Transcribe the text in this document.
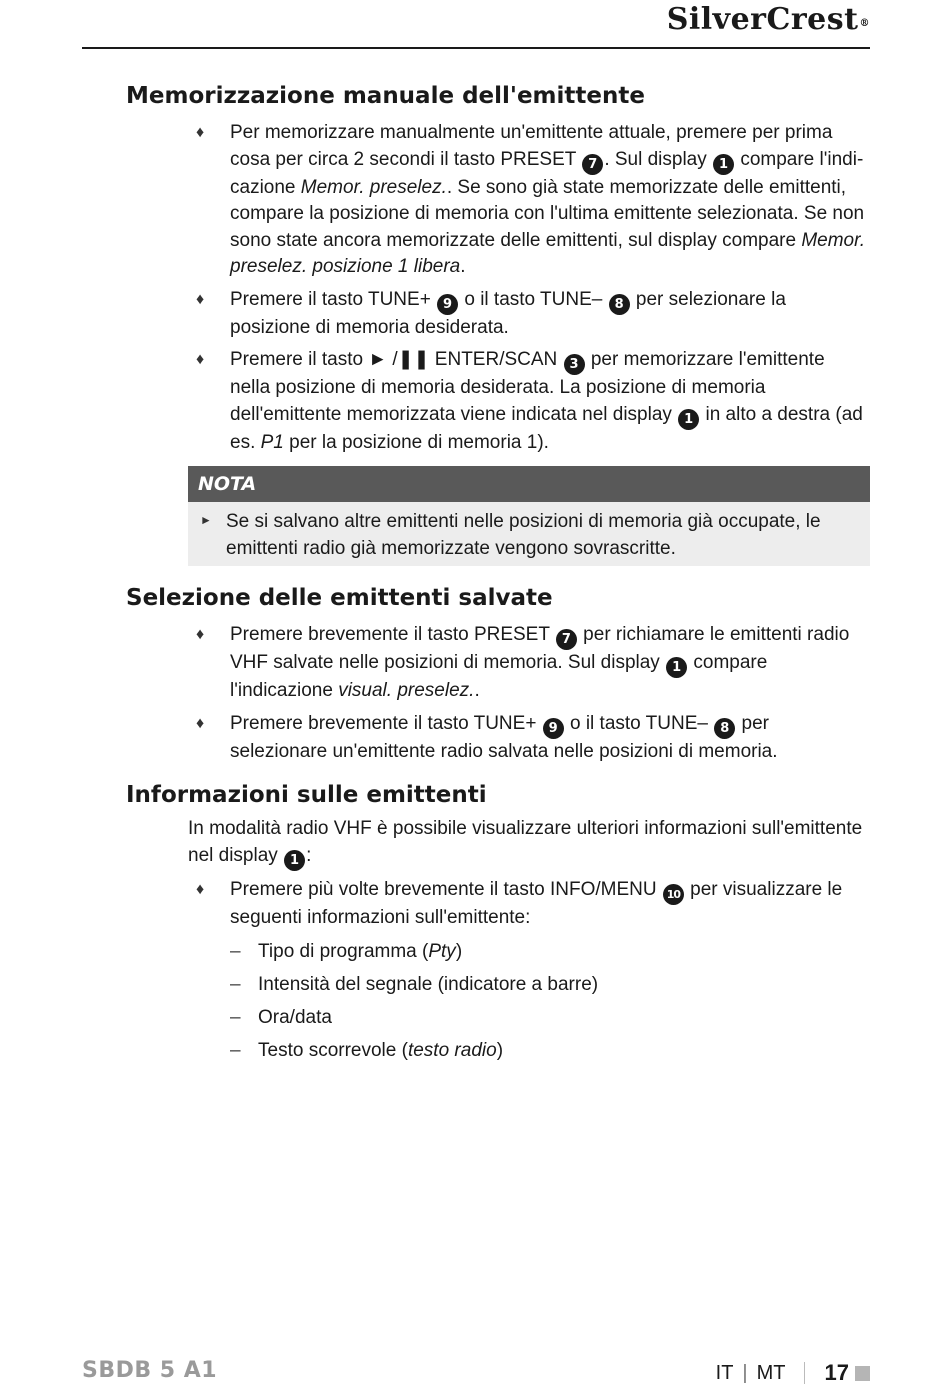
SilverCrest®
Memorizzazione manuale dell'emittente
♦ Per memorizzare manualmente un'emittente attuale, premere per prima cosa per circa 2 secondi il tasto PRESET 7 . Sul display 1 compare l'indicazione Memor. preselez.. Se sono già state memorizzate delle emittenti, compare la posizione di memoria con l'ultima emittente selezionata. Se non sono state ancora memorizzate delle emittenti, sul display compare Memor. preselez. posizione 1 libera.
♦ Premere il tasto TUNE+ 9 o il tasto TUNE– 8 per selezionare la posizione di memoria desiderata.
♦ Premere il tasto ► /❚❚ ENTER/SCAN 3 per memorizzare l'emittente nella posizione di memoria desiderata. La posizione di memoria dell'emittente memorizzata viene indicata nel display 1 in alto a destra (ad es. P1 per la posizione di memoria 1).
NOTA
► Se si salvano altre emittenti nelle posizioni di memoria già occupate, le emittenti radio già memorizzate vengono sovrascritte.

Selezione delle emittenti salvate
♦ Premere brevemente il tasto PRESET 7 per richiamare le emittenti radio VHF salvate nelle posizioni di memoria. Sul display 1 compare l'indicazione visual. preselez..
♦ Premere brevemente il tasto TUNE+ 9 o il tasto TUNE– 8 per selezionare un'emittente radio salvata nelle posizioni di memoria.
Informazioni sulle emittenti

In modalità radio VHF è possibile visualizzare ulteriori informazioni sull'emittente nel display 1 :

♦ Premere più volte brevemente il tasto INFO/MENU 10 per visualizzare le seguenti informazioni sull'emittente:
– Tipo di programma (Pty)
– Intensità del segnale (indicatore a barre)
– Ora/data
– Testo scorrevole (testo radio)
SBDB 5 A1	IT | MT 17
